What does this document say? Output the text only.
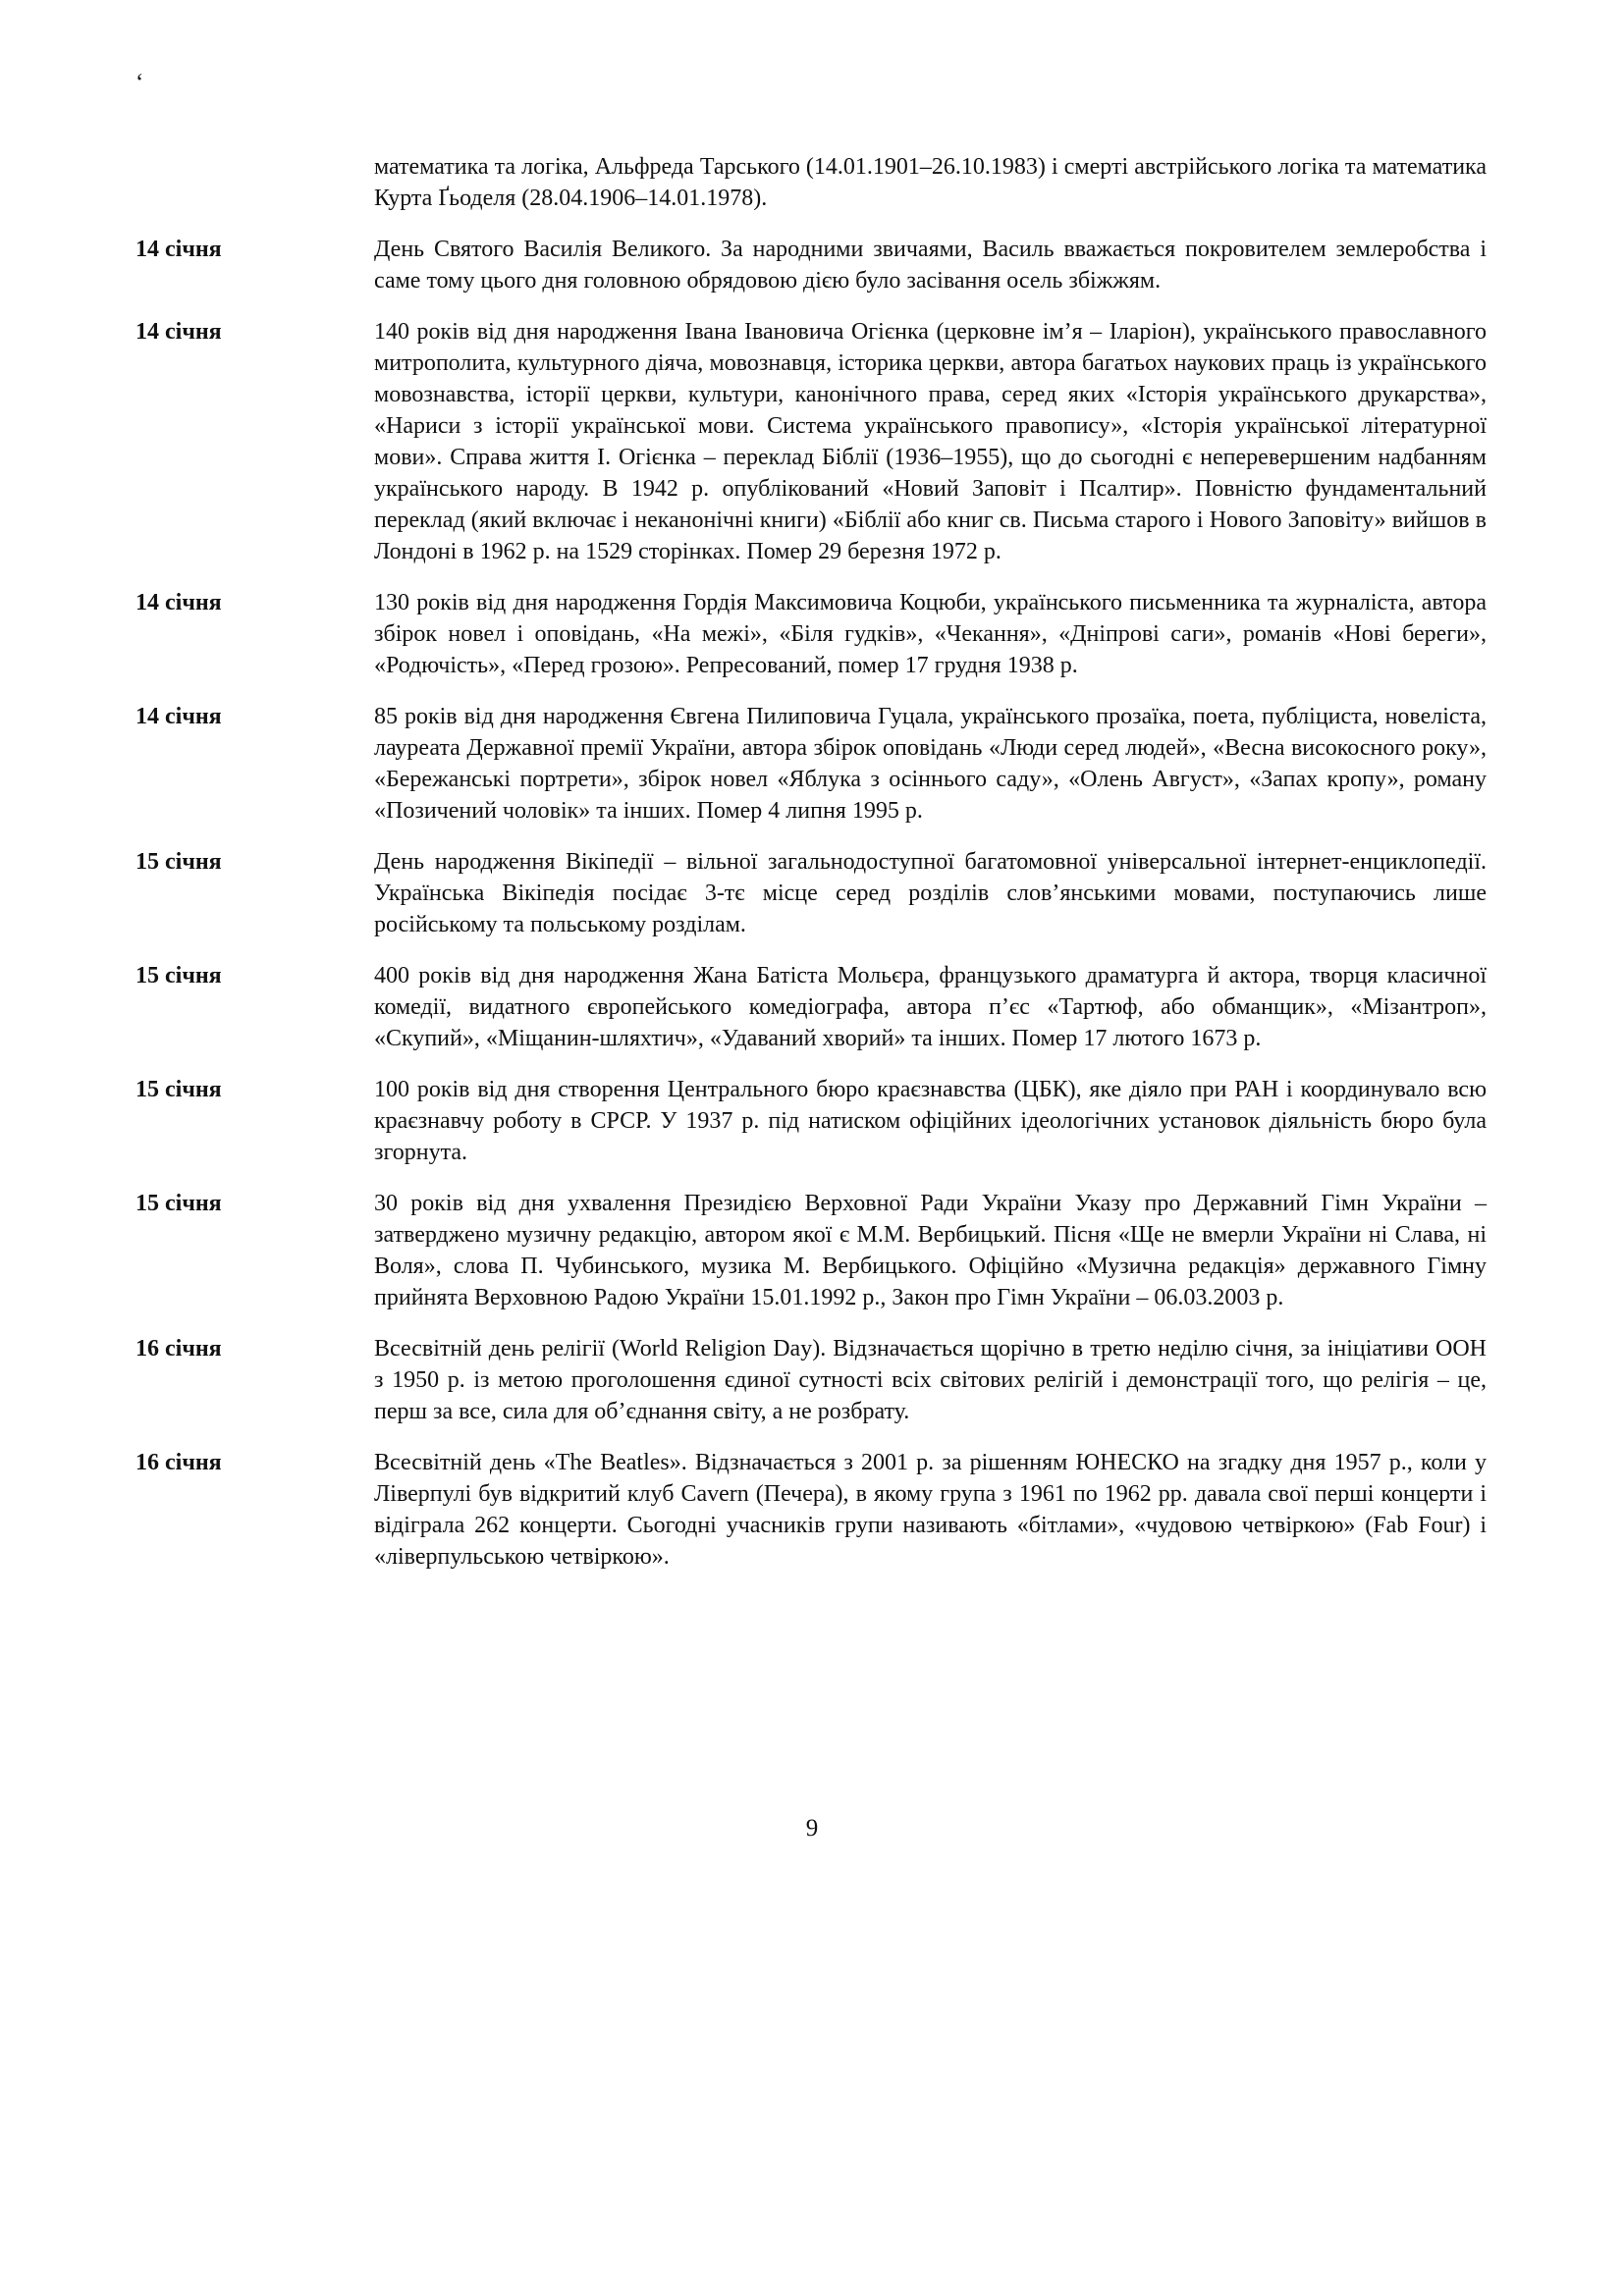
‘
математика та логіка, Альфреда Тарського (14.01.1901–26.10.1983) і смерті австрійського логіка та математика Курта Ґьоделя (28.04.1906–14.01.1978).
14 січня	День Святого Василія Великого. За народними звичаями, Василь вважається покровителем землеробства і саме тому цього дня головною обрядовою дією було засівання осель збіжжям.
14 січня	140 років від дня народження Івана Івановича Огієнка (церковне ім’я – Іларіон), українського православного митрополита, культурного діяча, мовознавця, історика церкви, автора багатьох наукових праць із українського мовознавства, історії церкви, культури, канонічного права, серед яких «Історія українського друкарства», «Нариси з історії української мови. Система українського правопису», «Історія української літературної мови». Справа життя І. Огієнка – переклад Біблії (1936–1955), що до сьогодні є неперевершеним надбанням українського народу. В 1942 р. опублікований «Новий Заповіт і Псалтир». Повністю фундаментальний переклад (який включає і неканонічні книги) «Біблії або книг св. Письма старого і Нового Заповіту» вийшов в Лондоні в 1962 р. на 1529 сторінках. Помер 29 березня 1972 р.
14 січня	130 років від дня народження Гордія Максимовича Коцюби, українського письменника та журналіста, автора збірок новел і оповідань, «На межі», «Біля гудків», «Чекання», «Дніпрові саги», романів «Нові береги», «Родючість», «Перед грозою». Репресований, помер 17 грудня 1938 р.
14 січня	85 років від дня народження Євгена Пилиповича Гуцала, українського прозаїка, поета, публіциста, новеліста, лауреата Державної премії України, автора збірок оповідань «Люди серед людей», «Весна високосного року», «Бережанські портрети», збірок новел «Яблука з осіннього саду», «Олень Август», «Запах кропу», роману «Позичений чоловік» та інших. Помер 4 липня 1995 р.
15 січня	День народження Вікіпедії – вільної загальнодоступної багатомовної універсальної інтернет-енциклопедії. Українська Вікіпедія посідає 3-тє місце серед розділів слов’янськими мовами, поступаючись лише російському та польському розділам.
15 січня	400 років від дня народження Жана Батіста Мольєра, французького драматурга й актора, творця класичної комедії, видатного європейського комедіографа, автора п’єс «Тартюф, або обманщик», «Мізантроп», «Скупий», «Міщанин-шляхтич», «Удаваний хворий» та інших. Помер 17 лютого 1673 р.
15 січня	100 років від дня створення Центрального бюро краєзнавства (ЦБК), яке діяло при РАН і координувало всю краєзнавчу роботу в СРСР. У 1937 р. під натиском офіційних ідеологічних установок діяльність бюро була згорнута.
15 січня	30 років від дня ухвалення Президією Верховної Ради України Указу про Державний Гімн України – затверджено музичну редакцію, автором якої є М.М. Вербицький. Пісня «Ще не вмерли України ні Слава, ні Воля», слова П. Чубинського, музика М. Вербицького. Офіційно «Музична редакція» державного Гімну прийнята Верховною Радою України 15.01.1992 р., Закон про Гімн України – 06.03.2003 р.
16 січня	Всесвітній день релігії (World Religion Day). Відзначається щорічно в третю неділю січня, за ініціативи ООН з 1950 р. із метою проголошення єдиної сутності всіх світових релігій і демонстрації того, що релігія – це, перш за все, сила для об’єднання світу, а не розбрату.
16 січня	Всесвітній день «The Beatles». Відзначається з 2001 р. за рішенням ЮНЕСКО на згадку дня 1957 р., коли у Ліверпулі був відкритий клуб Cavern (Печера), в якому група з 1961 по 1962 рр. давала свої перші концерти і відіграла 262 концерти. Сьогодні учасників групи називають «бітлами», «чудовою четвіркою» (Fab Four) і «ліверпульською четвіркою».
9
